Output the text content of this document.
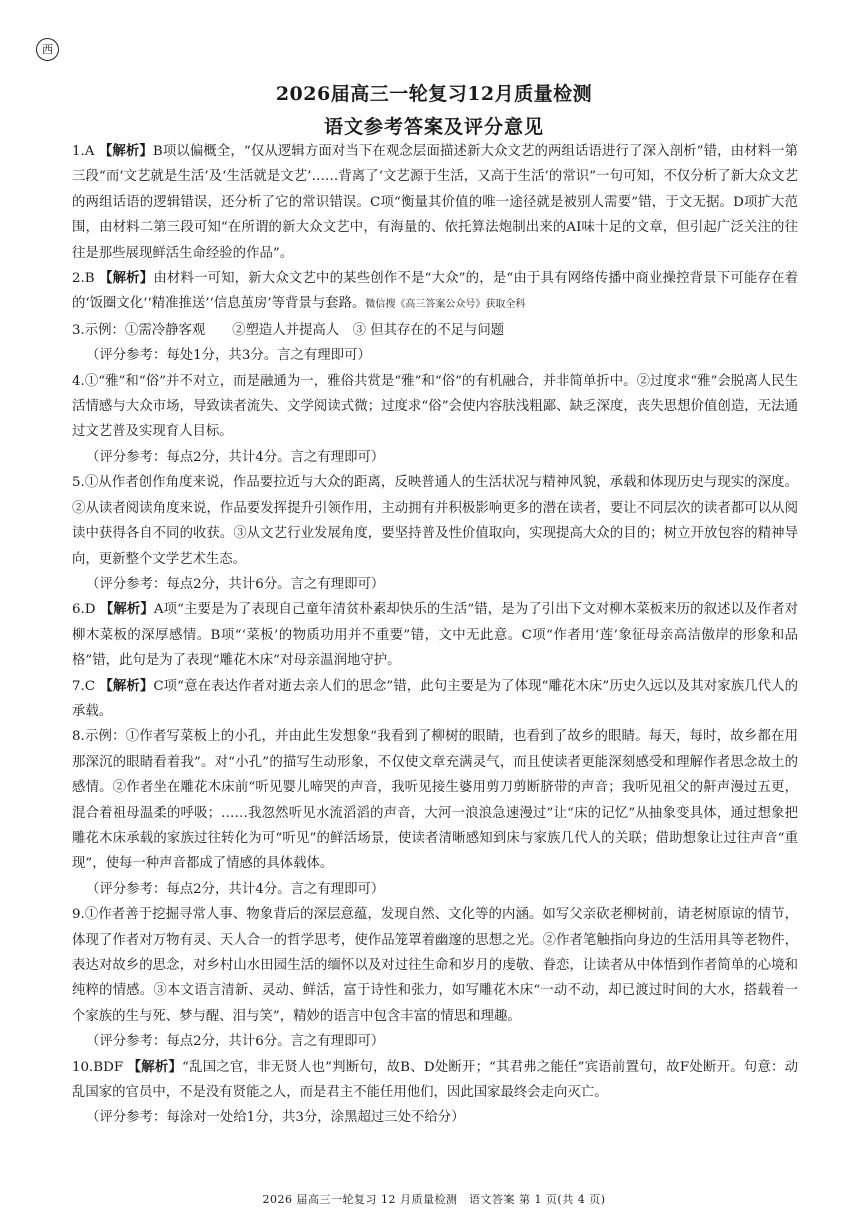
西
2026届高三一轮复习12月质量检测
语文参考答案及评分意见

1.A 【解析】B项以偏概全，“仅从逻辑方面对当下在观念层面描述新大众文艺的两组话语进行了深入剖析”错，由材料一第三段“而‘文艺就是生活’及‘生活就是文艺’……背离了‘文艺源于生活，又高于生活’的常识”一句可知，不仅分析了新大众文艺的两组话语的逻辑错误，还分析了它的常识错误。C项“衡量其价值的唯一途径就是被别人需要”错，于文无据。D项扩大范围，由材料二第三段可知“在所谓的新大众文艺中，有海量的、依托算法炮制出来的AI味十足的文章，但引起广泛关注的往往是那些展现鲜活生命经验的作品”。

2.B 【解析】由材料一可知，新大众文艺中的某些创作不是“大众”的，是“由于具有网络传播中商业操控背景下可能存在着的‘饭圈文化’‘精准推送’‘信息茧房’等背景与套路。微信搜《高三答案公众号》获取全科

3.示例：①需冷静客观　　②塑造人并提高人　③ 但其存在的不足与问题

（评分参考：每处1分，共3分。言之有理即可）

4.①“雅”和“俗”并不对立，而是融通为一，雅俗共赏是“雅”和“俗”的有机融合，并非简单折中。②过度求“雅”会脱离人民生活情感与大众市场，导致读者流失、文学阅读式微；过度求“俗”会使内容肤浅粗鄙、缺乏深度，丧失思想价值创造，无法通过文艺普及实现育人目标。

（评分参考：每点2分，共计4分。言之有理即可）

5.①从作者创作角度来说，作品要拉近与大众的距离，反映普通人的生活状况与精神风貌，承载和体现历史与现实的深度。②从读者阅读角度来说，作品要发挥提升引领作用，主动拥有并积极影响更多的潜在读者，要让不同层次的读者都可以从阅读中获得各自不同的收获。③从文艺行业发展角度，要坚持普及性价值取向，实现提高大众的目的；树立开放包容的精神导向，更新整个文学艺术生态。

（评分参考：每点2分，共计6分。言之有理即可）

6.D 【解析】A项“主要是为了表现自己童年清贫朴素却快乐的生活”错，是为了引出下文对柳木菜板来历的叙述以及作者对柳木菜板的深厚感情。B项“‘菜板’的物质功用并不重要”错，文中无此意。C项“作者用‘莲’象征母亲高洁傲岸的形象和品格”错，此句是为了表现“雕花木床”对母亲温润地守护。

7.C 【解析】C项“意在表达作者对逝去亲人们的思念”错，此句主要是为了体现“雕花木床”历史久远以及其对家族几代人的承载。

8.示例：①作者写菜板上的小孔，并由此生发想象“我看到了柳树的眼睛，也看到了故乡的眼睛。每天，每时，故乡都在用那深沉的眼睛看着我”。对“小孔”的描写生动形象，不仅使文章充满灵气，而且使读者更能深刻感受和理解作者思念故土的感情。②作者坐在雕花木床前“听见婴儿啼哭的声音，我听见接生婆用剪刀剪断脐带的声音；我听见祖父的鼾声漫过五更，混合着祖母温柔的呼吸；……我忽然听见水流滔滔的声音，大河一浪浪急速漫过”让“床的记忆”从抽象变具体，通过想象把雕花木床承载的家族过往转化为可“听见”的鲜活场景，使读者清晰感知到床与家族几代人的关联；借助想象让过往声音“重现”，使每一种声音都成了情感的具体载体。

（评分参考：每点2分，共计4分。言之有理即可）

9.①作者善于挖掘寻常人事、物象背后的深层意蕴，发现自然、文化等的内涵。如写父亲砍老柳树前，请老树原谅的情节，体现了作者对万物有灵、天人合一的哲学思考，使作品笼罩着幽邃的思想之光。②作者笔触指向身边的生活用具等老物件，表达对故乡的思念，对乡村山水田园生活的缅怀以及对过往生命和岁月的虔敬、眷恋，让读者从中体悟到作者简单的心境和纯粹的情感。③本文语言清新、灵动、鲜活，富于诗性和张力，如写雕花木床“一动不动，却已渡过时间的大水，搭载着一个家族的生与死、梦与醒、泪与笑”，精妙的语言中包含丰富的情思和理趣。

（评分参考：每点2分，共计6分。言之有理即可）

10.BDF 【解析】“乱国之官，非无贤人也”判断句，故B、D处断开；“其君弗之能任”宾语前置句，故F处断开。句意：动乱国家的官员中，不是没有贤能之人，而是君主不能任用他们，因此国家最终会走向灭亡。

（评分参考：每涂对一处给1分，共3分，涂黑超过三处不给分）

2026 届高三一轮复习 12 月质量检测　语文答案 第 1 页(共 4 页)
